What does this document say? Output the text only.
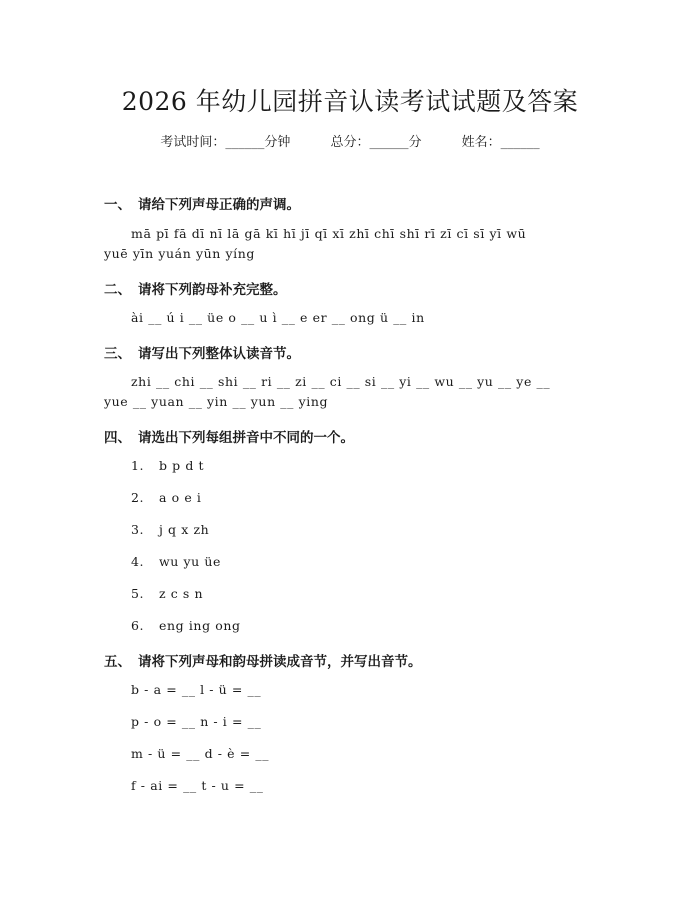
2026 年幼儿园拼音认读考试试题及答案
考试时间：______分钟	总分：______分	姓名：______
一、 请给下列声母正确的声调。
mā pī fā dī nī lā gā kī hī jī qī xī zhī chī shī rī zī cī sī yī wū
yuē yīn yuán yūn yíng
二、 请将下列韵母补充完整。
ài __ ú i __ üe o __ u ì __ e er __ ong ü __ in
三、 请写出下列整体认读音节。
zhi __ chi __ shi __ ri __ zi __ ci __ si __ yi __ wu __ yu __ ye __
yue __ yuan __ yin __ yun __ ying
四、 请选出下列每组拼音中不同的一个。
1. b p d t
2. a o e i
3. j q x zh
4. wu yu üe
5. z c s n
6. eng ing ong
五、 请将下列声母和韵母拼读成音节，并写出音节。
b - a = __ l - ü = __
p - o = __ n - i = __
m - ü = __ d - è = __
f - ai = __ t - u = __
